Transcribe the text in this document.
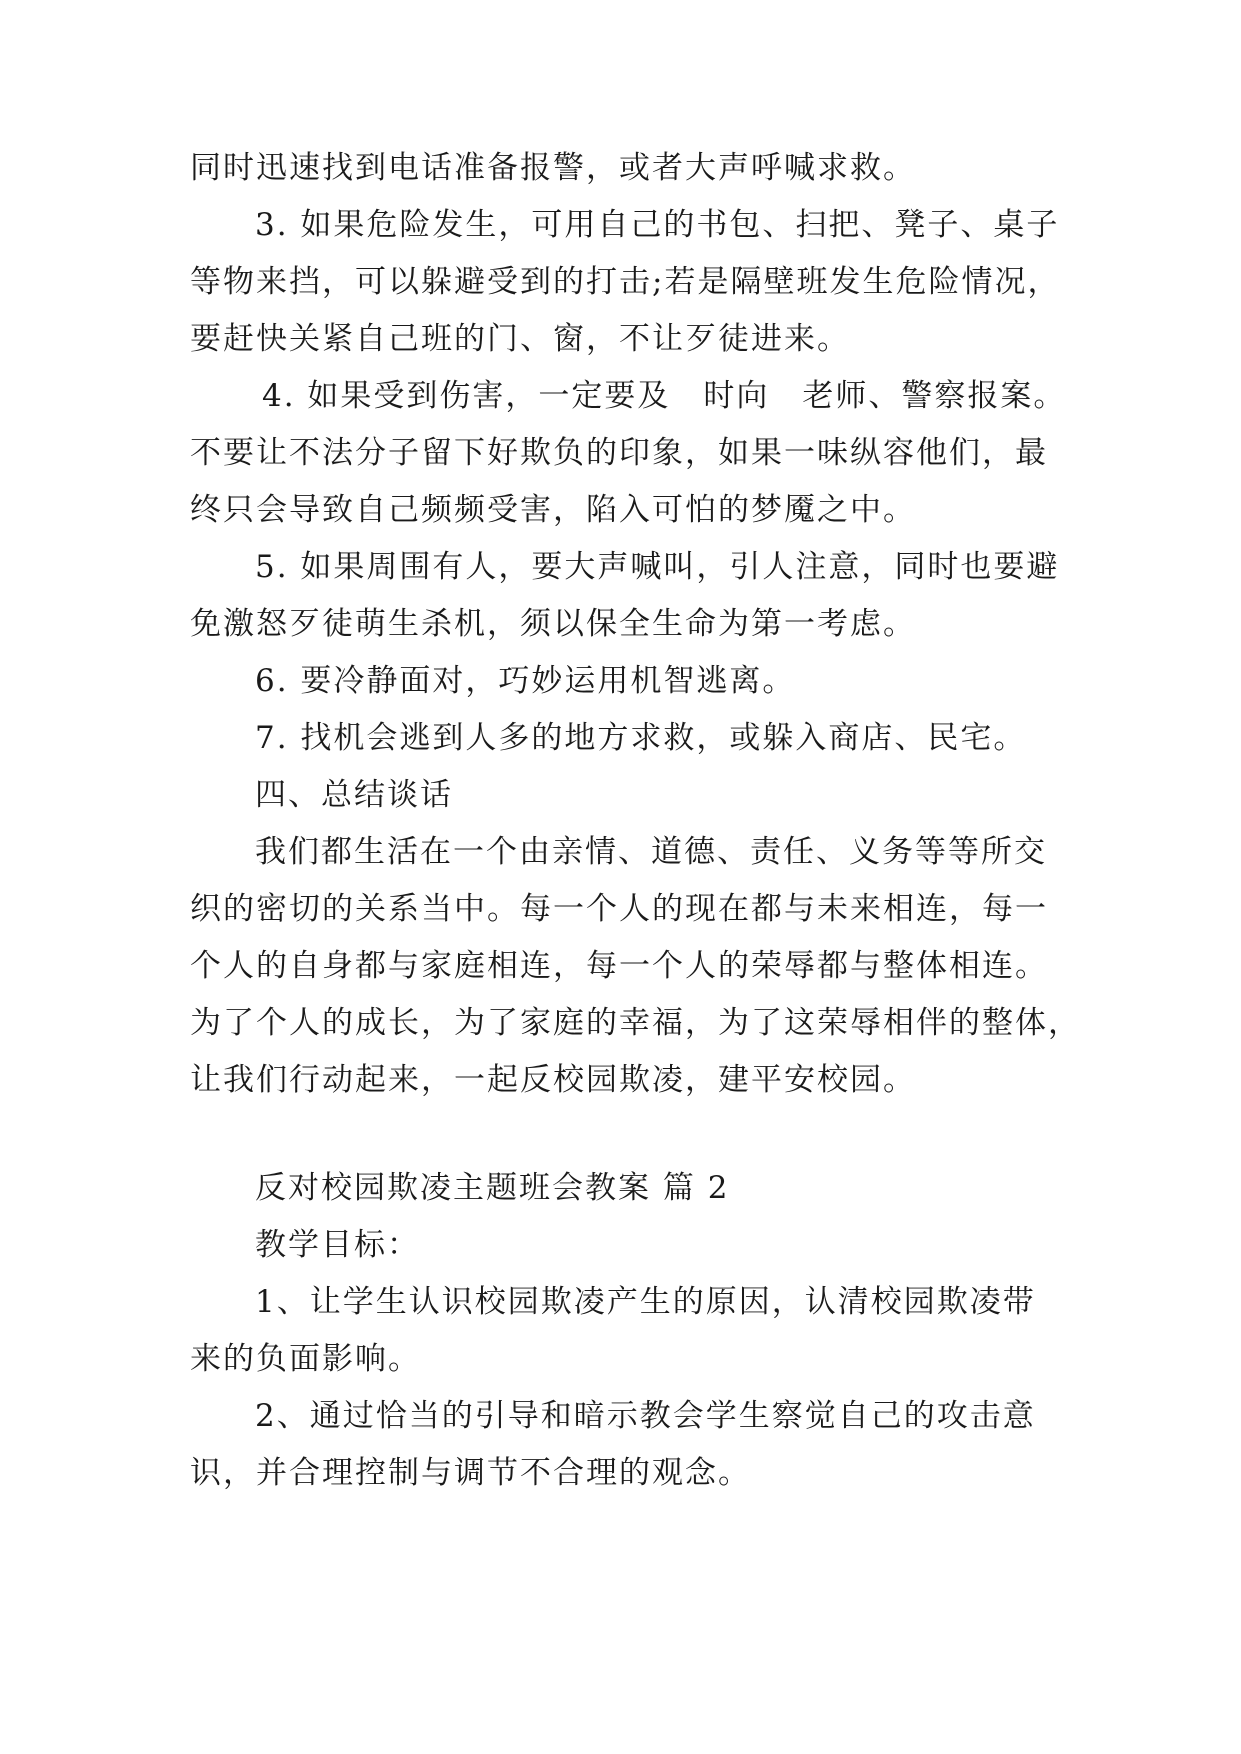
同时迅速找到电话准备报警，或者大声呼喊求救。
3. 如果危险发生，可用自己的书包、扫把、凳子、桌子
等物来挡，可以躲避受到的打击;若是隔壁班发生危险情况，
要赶快关紧自己班的门、窗，不让歹徒进来。
4. 如果受到伤害，一定要及　时向　老师、警察报案。
不要让不法分子留下好欺负的印象，如果一味纵容他们，最
终只会导致自己频频受害，陷入可怕的梦魇之中。
5. 如果周围有人，要大声喊叫，引人注意，同时也要避
免激怒歹徒萌生杀机，须以保全生命为第一考虑。
6. 要冷静面对，巧妙运用机智逃离。
7. 找机会逃到人多的地方求救，或躲入商店、民宅。
四、总结谈话
我们都生活在一个由亲情、道德、责任、义务等等所交
织的密切的关系当中。每一个人的现在都与未来相连，每一
个人的自身都与家庭相连，每一个人的荣辱都与整体相连。
为了个人的成长，为了家庭的幸福，为了这荣辱相伴的整体，
让我们行动起来，一起反校园欺凌，建平安校园。
反对校园欺凌主题班会教案 篇 2
教学目标：
1、让学生认识校园欺凌产生的原因，认清校园欺凌带
来的负面影响。
2、通过恰当的引导和暗示教会学生察觉自己的攻击意
识，并合理控制与调节不合理的观念。
